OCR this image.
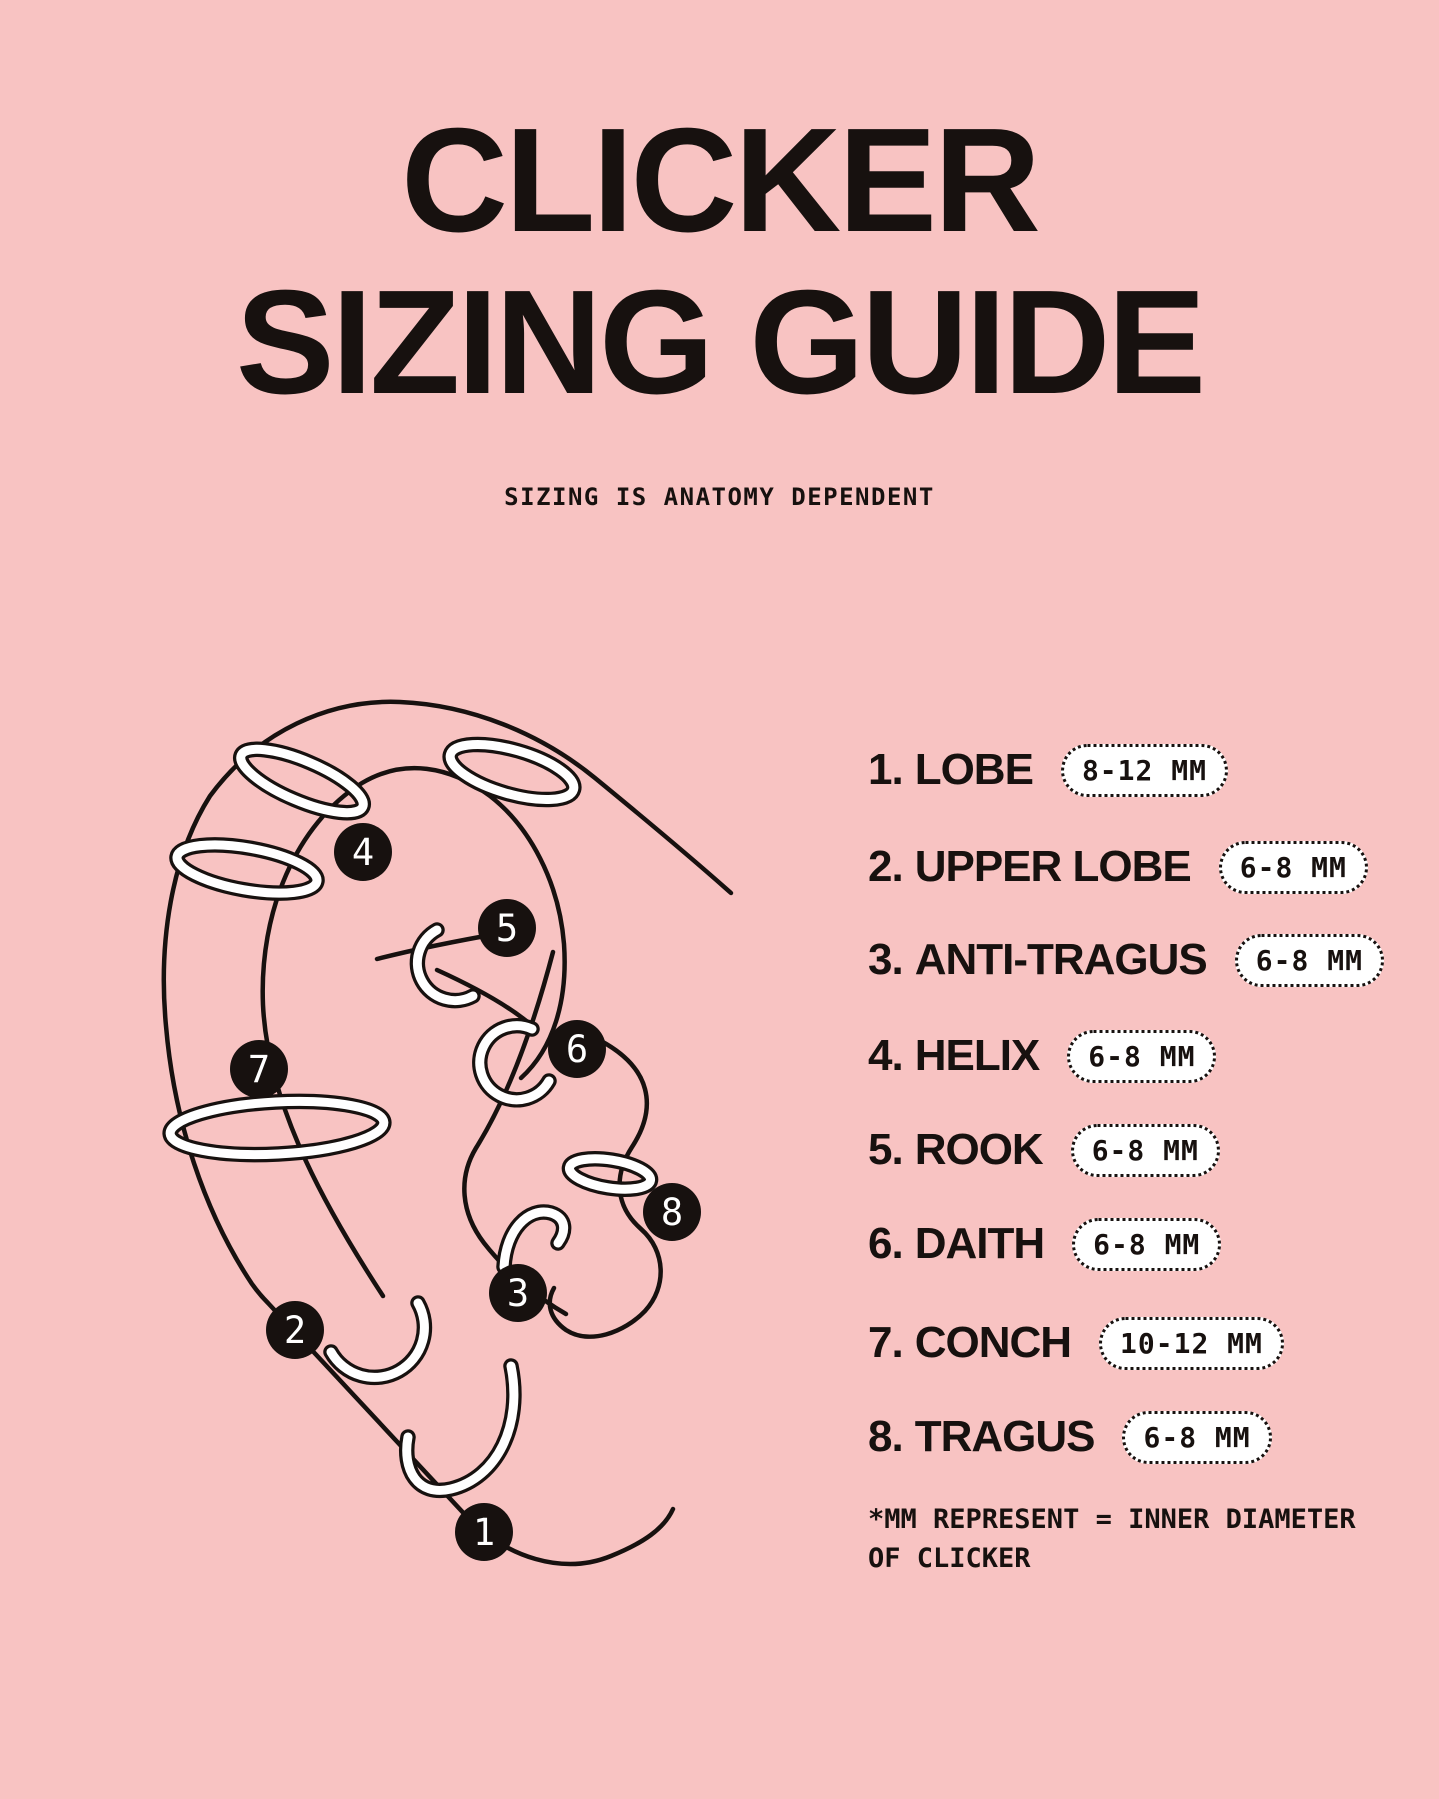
CLICKER
SIZING GUIDE
SIZING IS ANATOMY DEPENDENT
1
2
3
4
5
6
7
8
1. LOBE	8-12 MM
2. UPPER LOBE	6-8 MM
3. ANTI-TRAGUS	6-8 MM
4. HELIX	6-8 MM
5. ROOK	6-8 MM
6. DAITH	6-8 MM
7. CONCH	10-12 MM
8. TRAGUS	6-8 MM
*MM REPRESENT = INNER DIAMETER
OF CLICKER
